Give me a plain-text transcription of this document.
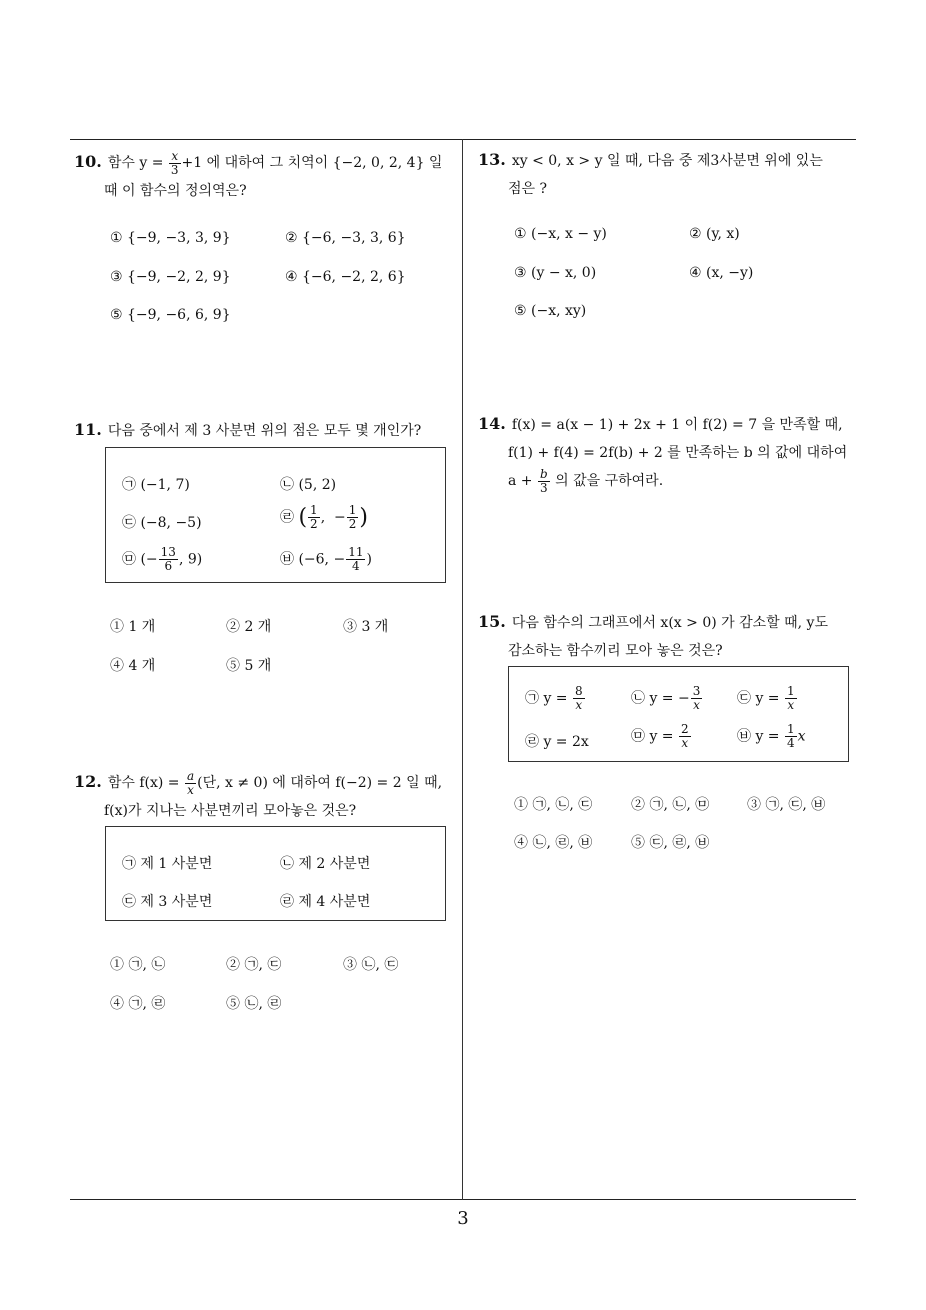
10. 함수 $y = \frac{x}{3} +1$ 에 대하여 그 치역이 {−2, 0, 2, 4} 일
때 이 함수의 정의역은?
① {−9, −3, 3, 9}	② {−6, −3, 3, 6}
③ {−9, −2, 2, 9}	④ {−6, −2, 2, 6}
⑤ {−9, −6, 6, 9}
11. 다음 중에서 제 3 사분면 위의 점은 모두 몇 개인가?
㉠ (−1, 7)	㉡ (5, 2)
㉢ (−8, −5)	㉣ ( $\frac{1}{2}$ ,  − $\frac{1}{2}$ )
㉤ (− $\frac{13}{6}$ , 9)	㉥ (−6, − $\frac{11}{4}$ )
① 1 개	② 2 개	③ 3 개
④ 4 개	⑤ 5 개
12. 함수 $f(x) = \frac{a}{x}$ (단, x ≠ 0) 에 대하여 f(−2) = 2 일 때,
f(x)가 지나는 사분면끼리 모아놓은 것은?
㉠ 제 1 사분면	㉡ 제 2 사분면
㉢ 제 3 사분면	㉣ 제 4 사분면
① ㉠, ㉡	② ㉠, ㉢	③ ㉡, ㉢
④ ㉠, ㉣	⑤ ㉡, ㉣
13. xy < 0, x > y 일 때, 다음 중 제3사분면 위에 있는
점은 ?
① (−x, x − y)	② (y, x)
③ (y − x, 0)	④ (x, −y)
⑤ (−x, xy)
14. f(x) = a(x − 1) + 2x + 1 이 f(2) = 7 을 만족할 때,
f(1) + f(4) = 2f(b) + 2 를 만족하는 b 의 값에 대하여
$a + \frac{b}{3}$ 의 값을 구하여라.
15. 다음 함수의 그래프에서 x(x > 0) 가 감소할 때, y도
감소하는 함수끼리 모아 놓은 것은?
㉠ $y = \frac{8}{x}$	㉡ y = − $\frac{3}{x}$ ㉢ $y = \frac{1}{x}$
㉣ y = 2x	㉤ $y = \frac{2}{x}$	㉥ $y = \frac{1}{4}$ x
① ㉠, ㉡, ㉢	② ㉠, ㉡, ㉤	③ ㉠, ㉢, ㉥
④ ㉡, ㉣, ㉥	⑤ ㉢, ㉣, ㉥
3
